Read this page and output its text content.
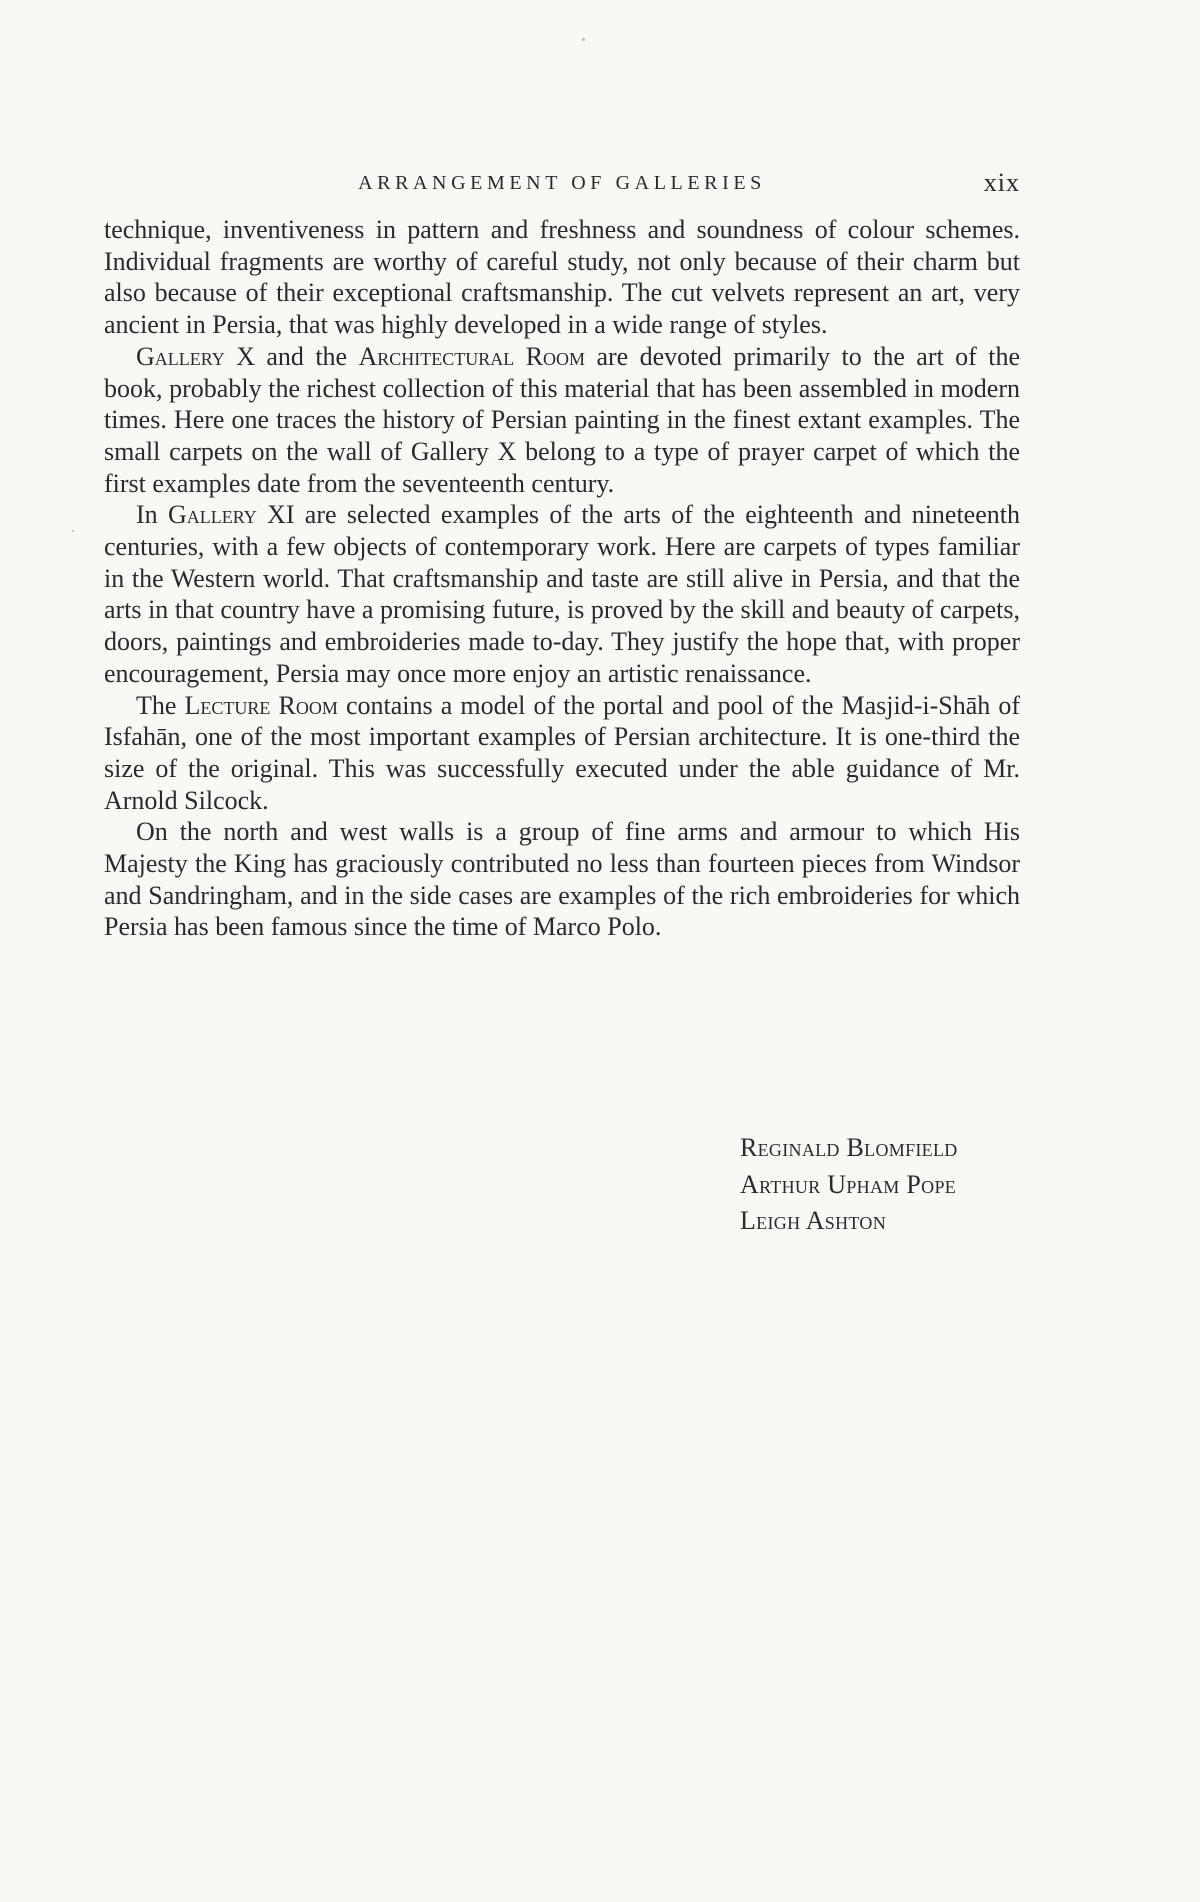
ARRANGEMENT OF GALLERIES	xix

technique, inventiveness in pattern and freshness and soundness of colour schemes. Individual fragments are worthy of careful study, not only because of their charm but also because of their exceptional craftsmanship. The cut velvets represent an art, very ancient in Persia, that was highly developed in a wide range of styles.

Gallery X and the Architectural Room are devoted primarily to the art of the book, probably the richest collection of this material that has been assembled in modern times. Here one traces the history of Persian painting in the finest extant examples. The small carpets on the wall of Gallery X belong to a type of prayer carpet of which the first examples date from the seventeenth century.

In Gallery XI are selected examples of the arts of the eighteenth and nineteenth centuries, with a few objects of contemporary work. Here are carpets of types familiar in the Western world. That craftsmanship and taste are still alive in Persia, and that the arts in that country have a promising future, is proved by the skill and beauty of carpets, doors, paintings and embroideries made to-day. They justify the hope that, with proper encouragement, Persia may once more enjoy an artistic renaissance.

The Lecture Room contains a model of the portal and pool of the Masjid-i-Shāh of Isfahān, one of the most important examples of Persian architecture. It is one-third the size of the original. This was successfully executed under the able guidance of Mr. Arnold Silcock.

On the north and west walls is a group of fine arms and armour to which His Majesty the King has graciously contributed no less than fourteen pieces from Windsor and Sandringham, and in the side cases are examples of the rich embroideries for which Persia has been famous since the time of Marco Polo.

Reginald Blomfield
Arthur Upham Pope
Leigh Ashton
